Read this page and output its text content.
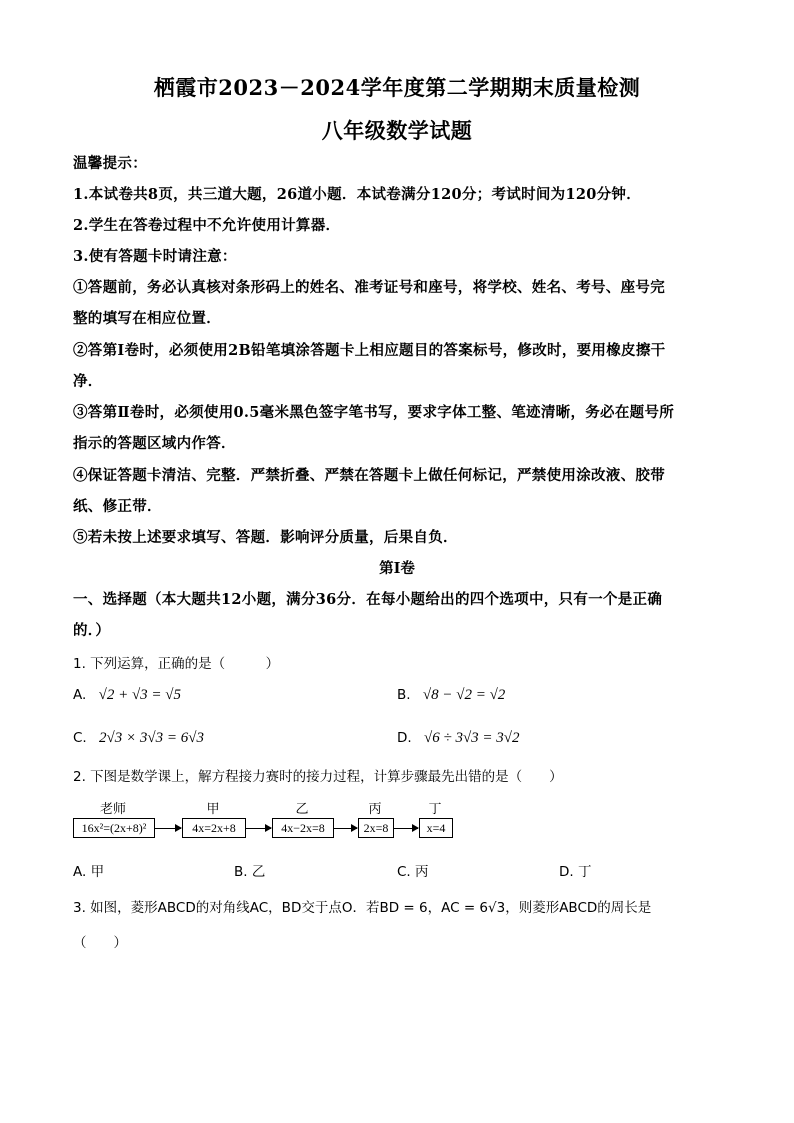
栖霞市2023－2024学年度第二学期期末质量检测
八年级数学试题
温馨提示：
1.本试卷共8页，共三道大题，26道小题．本试卷满分120分；考试时间为120分钟．
2.学生在答卷过程中不允许使用计算器．
3.使有答题卡时请注意：
①答题前，务必认真核对条形码上的姓名、准考证号和座号，将学校、姓名、考号、座号完
整的填写在相应位置．
②答第Ⅰ卷时，必须使用2B铅笔填涂答题卡上相应题目的答案标号，修改时，要用橡皮擦干
净．
③答第Ⅱ卷时，必须使用0.5毫米黑色签字笔书写，要求字体工整、笔迹清晰，务必在题号所
指示的答题区域内作答．
④保证答题卡清洁、完整．严禁折叠、严禁在答题卡上做任何标记，严禁使用涂改液、胶带
纸、修正带．
⑤若未按上述要求填写、答题．影响评分质量，后果自负．
第Ⅰ卷
一、选择题（本大题共12小题，满分36分．在每小题给出的四个选项中，只有一个是正确
的．）
1. 下列运算，正确的是（　　　）
A. √2 + √3 = √5	B. √8 − √2 = √2
C. 2√3 × 3√3 = 6√3	D. √6 ÷ 3√3 = 3√2
2. 下图是数学课上，解方程接力赛时的接力过程，计算步骤最先出错的是（　　）
老师	甲	乙	丙	丁
16x²=(2x+8)²	4x=2x+8	4x−2x=8	2x=8	x=4
A. 甲	B. 乙	C. 丙	D. 丁
3. 如图，菱形ABCD的对角线AC，BD交于点O．若BD = 6，AC = 6√3，则菱形ABCD的周长是
（　　）
